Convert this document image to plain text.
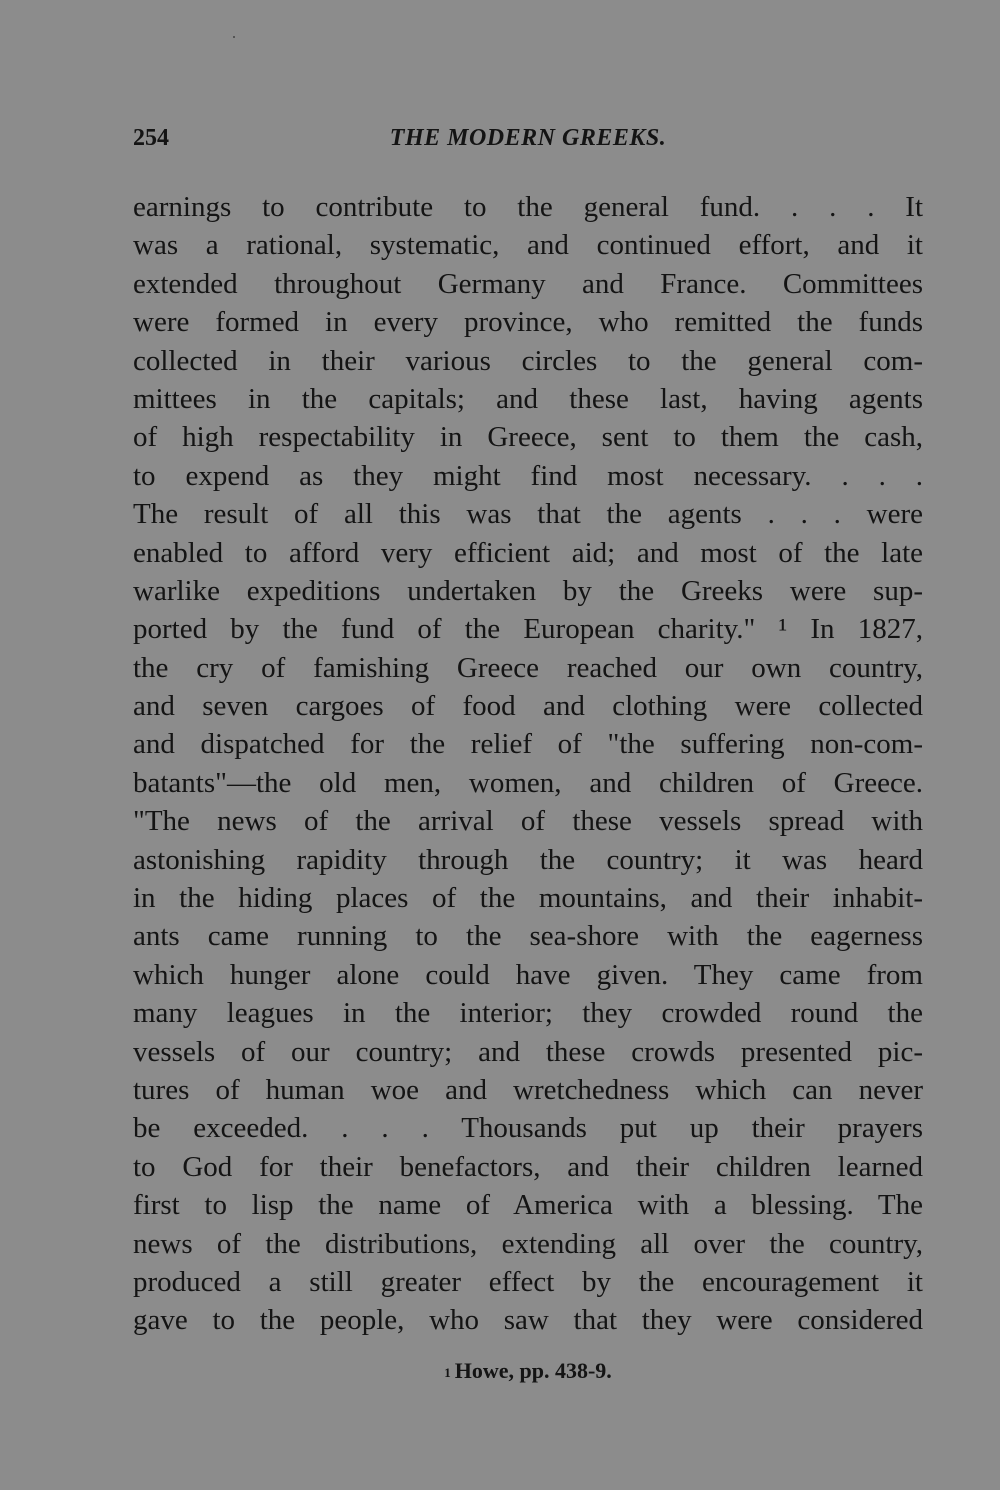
254	THE MODERN GREEKS.
earnings to contribute to the general fund. . . . It
was a rational, systematic, and continued effort, and it
extended throughout Germany and France. Committees
were formed in every province, who remitted the funds
collected in their various circles to the general com-
mittees in the capitals; and these last, having agents
of high respectability in Greece, sent to them the cash,
to expend as they might find most necessary. . . .
The result of all this was that the agents . . . were
enabled to afford very efficient aid; and most of the late
warlike expeditions undertaken by the Greeks were sup-
ported by the fund of the European charity." ¹ In 1827,
the cry of famishing Greece reached our own country,
and seven cargoes of food and clothing were collected
and dispatched for the relief of "the suffering non-com-
batants"—the old men, women, and children of Greece.
"The news of the arrival of these vessels spread with
astonishing rapidity through the country; it was heard
in the hiding places of the mountains, and their inhabit-
ants came running to the sea-shore with the eagerness
which hunger alone could have given. They came from
many leagues in the interior; they crowded round the
vessels of our country; and these crowds presented pic-
tures of human woe and wretchedness which can never
be exceeded. . . . Thousands put up their prayers
to God for their benefactors, and their children learned
first to lisp the name of America with a blessing. The
news of the distributions, extending all over the country,
produced a still greater effect by the encouragement it
gave to the people, who saw that they were considered
$^1$ Howe, pp. 438-9.
